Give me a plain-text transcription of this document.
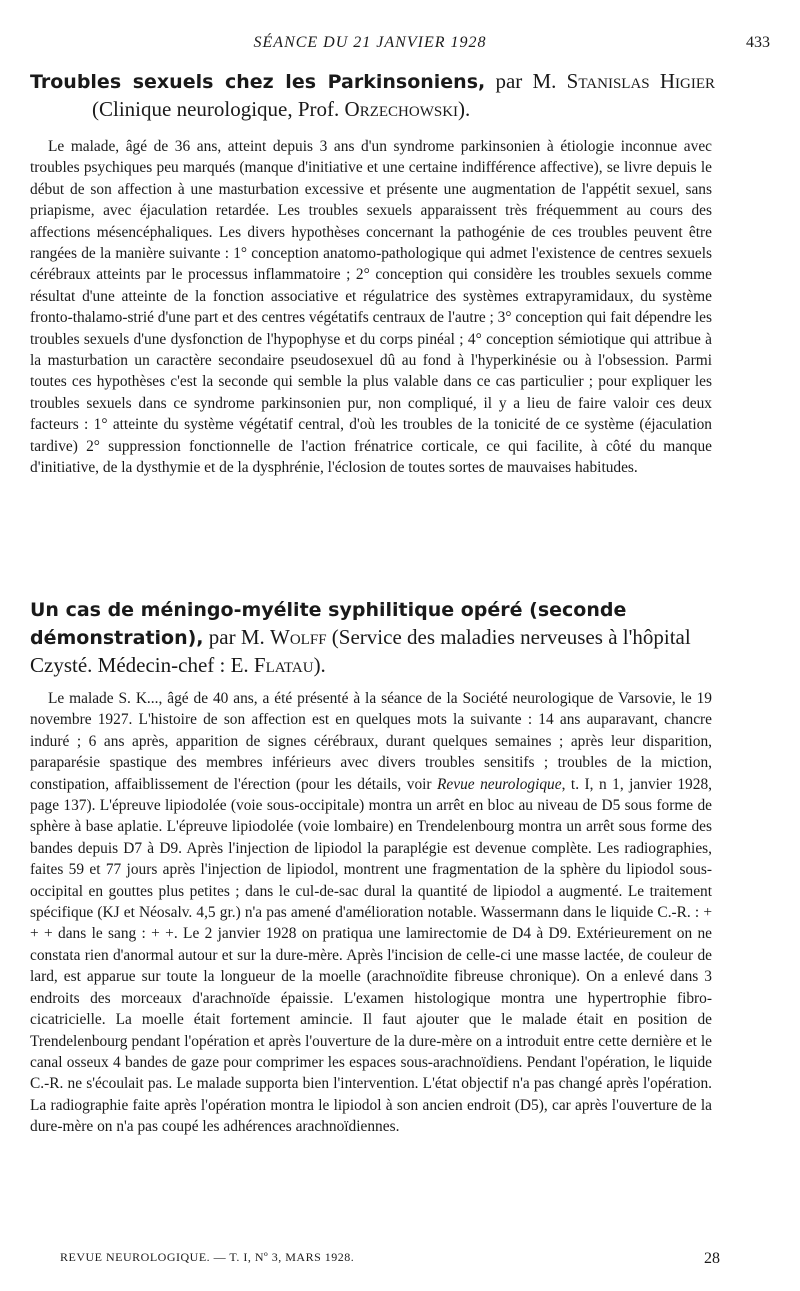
SÉANCE DU 21 JANVIER 1928	433
Troubles sexuels chez les Parkinsoniens, par M. Stanislas Higier
(Clinique neurologique, Prof. Orzechowski).

Le malade, âgé de 36 ans, atteint depuis 3 ans d'un syndrome parkinsonien à étiologie inconnue avec troubles psychiques peu marqués (manque d'initiative et une certaine indifférence affective), se livre depuis le début de son affection à une masturbation excessive et présente une augmentation de l'appétit sexuel, sans priapisme, avec éjaculation retardée. Les troubles sexuels apparaissent très fréquemment au cours des affections mésencéphaliques. Les divers hypothèses concernant la pathogénie de ces troubles peuvent être rangées de la manière suivante : 1° conception anatomo-pathologique qui admet l'existence de centres sexuels cérébraux atteints par le processus inflammatoire ; 2° conception qui considère les troubles sexuels comme résultat d'une atteinte de la fonction associative et régulatrice des systèmes extrapyramidaux, du système fronto-thalamo-strié d'une part et des centres végétatifs centraux de l'autre ; 3° conception qui fait dépendre les troubles sexuels d'une dysfonction de l'hypophyse et du corps pinéal ; 4° conception sémiotique qui attribue à la masturbation un caractère secondaire pseudosexuel dû au fond à l'hyperkinésie ou à l'obsession. Parmi toutes ces hypothèses c'est la seconde qui semble la plus valable dans ce cas particulier ; pour expliquer les troubles sexuels dans ce syndrome parkinsonien pur, non compliqué, il y a lieu de faire valoir ces deux facteurs : 1° atteinte du système végétatif central, d'où les troubles de la tonicité de ce système (éjaculation tardive) 2° suppression fonctionnelle de l'action frénatrice corticale, ce qui facilite, à côté du manque d'initiative, de la dysthymie et de la dysphrénie, l'éclosion de toutes sortes de mauvaises habitudes.

Un cas de méningo-myélite syphilitique opéré (seconde démonstration), par M. Wolff (Service des maladies nerveuses à l'hôpital Czysté. Médecin-chef : E. Flatau).

Le malade S. K..., âgé de 40 ans, a été présenté à la séance de la Société neurologique de Varsovie, le 19 novembre 1927. L'histoire de son affection est en quelques mots la suivante : 14 ans auparavant, chancre induré ; 6 ans après, apparition de signes cérébraux, durant quelques semaines ; après leur disparition, paraparésie spastique des membres inférieurs avec divers troubles sensitifs ; troubles de la miction, constipation, affaiblissement de l'érection (pour les détails, voir Revue neurologique, t. I, n 1, janvier 1928, page 137). L'épreuve lipiodolée (voie sous-occipitale) montra un arrêt en bloc au niveau de D5 sous forme de sphère à base aplatie. L'épreuve lipiodolée (voie lombaire) en Trendelenbourg montra un arrêt sous forme des bandes depuis D7 à D9. Après l'injection de lipiodol la paraplégie est devenue complète. Les radiographies, faites 59 et 77 jours après l'injection de lipiodol, montrent une fragmentation de la sphère du lipiodol sous-occipital en gouttes plus petites ; dans le cul-de-sac dural la quantité de lipiodol a augmenté. Le traitement spécifique (KJ et Néosalv. 4,5 gr.) n'a pas amené d'amélioration notable. Wassermann dans le liquide C.-R. : + + + dans le sang : + +. Le 2 janvier 1928 on pratiqua une lamirectomie de D4 à D9. Extérieurement on ne constata rien d'anormal autour et sur la dure-mère. Après l'incision de celle-ci une masse lactée, de couleur de lard, est apparue sur toute la longueur de la moelle (arachnoïdite fibreuse chronique). On a enlevé dans 3 endroits des morceaux d'arachnoïde épaissie. L'examen histologique montra une hypertrophie fibro-cicatricielle. La moelle était fortement amincie. Il faut ajouter que le malade était en position de Trendelenbourg pendant l'opération et après l'ouverture de la dure-mère on a introduit entre cette dernière et le canal osseux 4 bandes de gaze pour comprimer les espaces sous-arachnoïdiens. Pendant l'opération, le liquide C.-R. ne s'écoulait pas. Le malade supporta bien l'intervention. L'état objectif n'a pas changé après l'opération. La radiographie faite après l'opération montra le lipiodol à son ancien endroit (D5), car après l'ouverture de la dure-mère on n'a pas coupé les adhérences arachnoïdiennes.

REVUE NEUROLOGIQUE. — T. I, Nº 3, MARS 1928.	28
